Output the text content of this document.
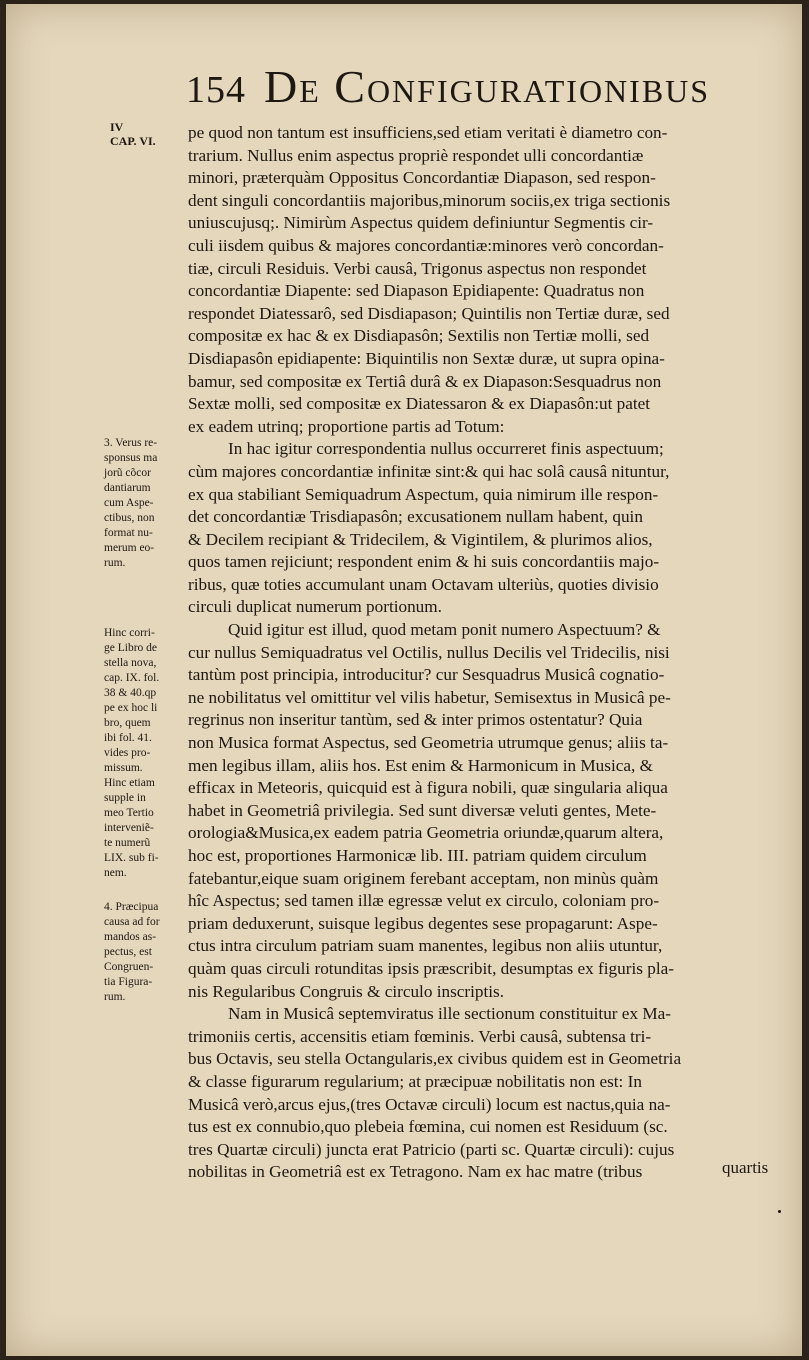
154 De Configurationibus
IV
CAP. VI.
3. Verus re-
sponsus ma
jorũ cõcor
dantiarum
cum Aspe-
ctibus, non
format nu-
merum eo-
rum.
Hinc corri-
ge Libro de
stella nova,
cap. IX. fol.
38 & 40.qp
pe ex hoc li
bro, quem
ibi fol. 41.
vides pro-
missum.
Hinc etiam
supple in
meo Tertio
interveniẽ-
te numerũ
LIX. sub fi-
nem.
4. Præcipua
causa ad for
mandos as-
pectus, est
Congruen-
tia Figura-
rum.
pe quod non tantum est insufficiens,sed etiam veritati è diametro con-
trarium. Nullus enim aspectus propriè respondet ulli concordantiæ
minori, præterquàm Oppositus Concordantiæ Diapason, sed respon-
dent singuli concordantiis majoribus,minorum sociis,ex triga sectionis
uniuscujusq;. Nimirùm Aspectus quidem definiuntur Segmentis cir-
culi iisdem quibus & majores concordantiæ:minores verò concordan-
tiæ, circuli Residuis. Verbi causâ, Trigonus aspectus non respondet
concordantiæ Diapente: sed Diapason Epidiapente: Quadratus non
respondet Diatessarô, sed Disdiapason; Quintilis non Tertiæ duræ, sed
compositæ ex hac & ex Disdiapasôn; Sextilis non Tertiæ molli, sed
Disdiapasôn epidiapente: Biquintilis non Sextæ duræ, ut supra opina-
bamur, sed compositæ ex Tertiâ durâ & ex Diapason:Sesquadrus non
Sextæ molli, sed compositæ ex Diatessaron & ex Diapasôn:ut patet
ex eadem utrinq; proportione partis ad Totum:
In hac igitur correspondentia nullus occurreret finis aspectuum;
cùm majores concordantiæ infinitæ sint:& qui hac solâ causâ nituntur,
ex qua stabiliant Semiquadrum Aspectum, quia nimirum ille respon-
det concordantiæ Trisdiapasôn; excusationem nullam habent, quin
& Decilem recipiant & Tridecilem, & Vigintilem, & plurimos alios,
quos tamen rejiciunt; respondent enim & hi suis concordantiis majo-
ribus, quæ toties accumulant unam Octavam ulteriùs, quoties divisio
circuli duplicat numerum portionum.
Quid igitur est illud, quod metam ponit numero Aspectuum? &
cur nullus Semiquadratus vel Octilis, nullus Decilis vel Tridecilis, nisi
tantùm post principia, introducitur? cur Sesquadrus Musicâ cognatio-
ne nobilitatus vel omittitur vel vilis habetur, Semisextus in Musicâ pe-
regrinus non inseritur tantùm, sed & inter primos ostentatur? Quia
non Musica format Aspectus, sed Geometria utrumque genus; aliis ta-
men legibus illam, aliis hos. Est enim & Harmonicum in Musica, &
efficax in Meteoris, quicquid est à figura nobili, quæ singularia aliqua
habet in Geometriâ privilegia. Sed sunt diversæ veluti gentes, Mete-
orologia&Musica,ex eadem patria Geometria oriundæ,quarum altera,
hoc est, proportiones Harmonicæ lib. III. patriam quidem circulum
fatebantur,eique suam originem ferebant acceptam, non minùs quàm
hîc Aspectus; sed tamen illæ egressæ velut ex circulo, coloniam pro-
priam deduxerunt, suisque legibus degentes sese propagarunt: Aspe-
ctus intra circulum patriam suam manentes, legibus non aliis utuntur,
quàm quas circuli rotunditas ipsis præscribit, desumptas ex figuris pla-
nis Regularibus Congruis & circulo inscriptis.
Nam in Musicâ septemviratus ille sectionum constituitur ex Ma-
trimoniis certis, accensitis etiam fœminis. Verbi causâ, subtensa tri-
bus Octavis, seu stella Octangularis,ex civibus quidem est in Geometria
& classe figurarum regularium; at præcipuæ nobilitatis non est: In
Musicâ verò,arcus ejus,(tres Octavæ circuli) locum est nactus,quia na-
tus est ex connubio,quo plebeia fœmina, cui nomen est Residuum (sc.
tres Quartæ circuli) juncta erat Patricio (parti sc. Quartæ circuli): cujus
nobilitas in Geometriâ est ex Tetragono. Nam ex hac matre (tribus	quartis
